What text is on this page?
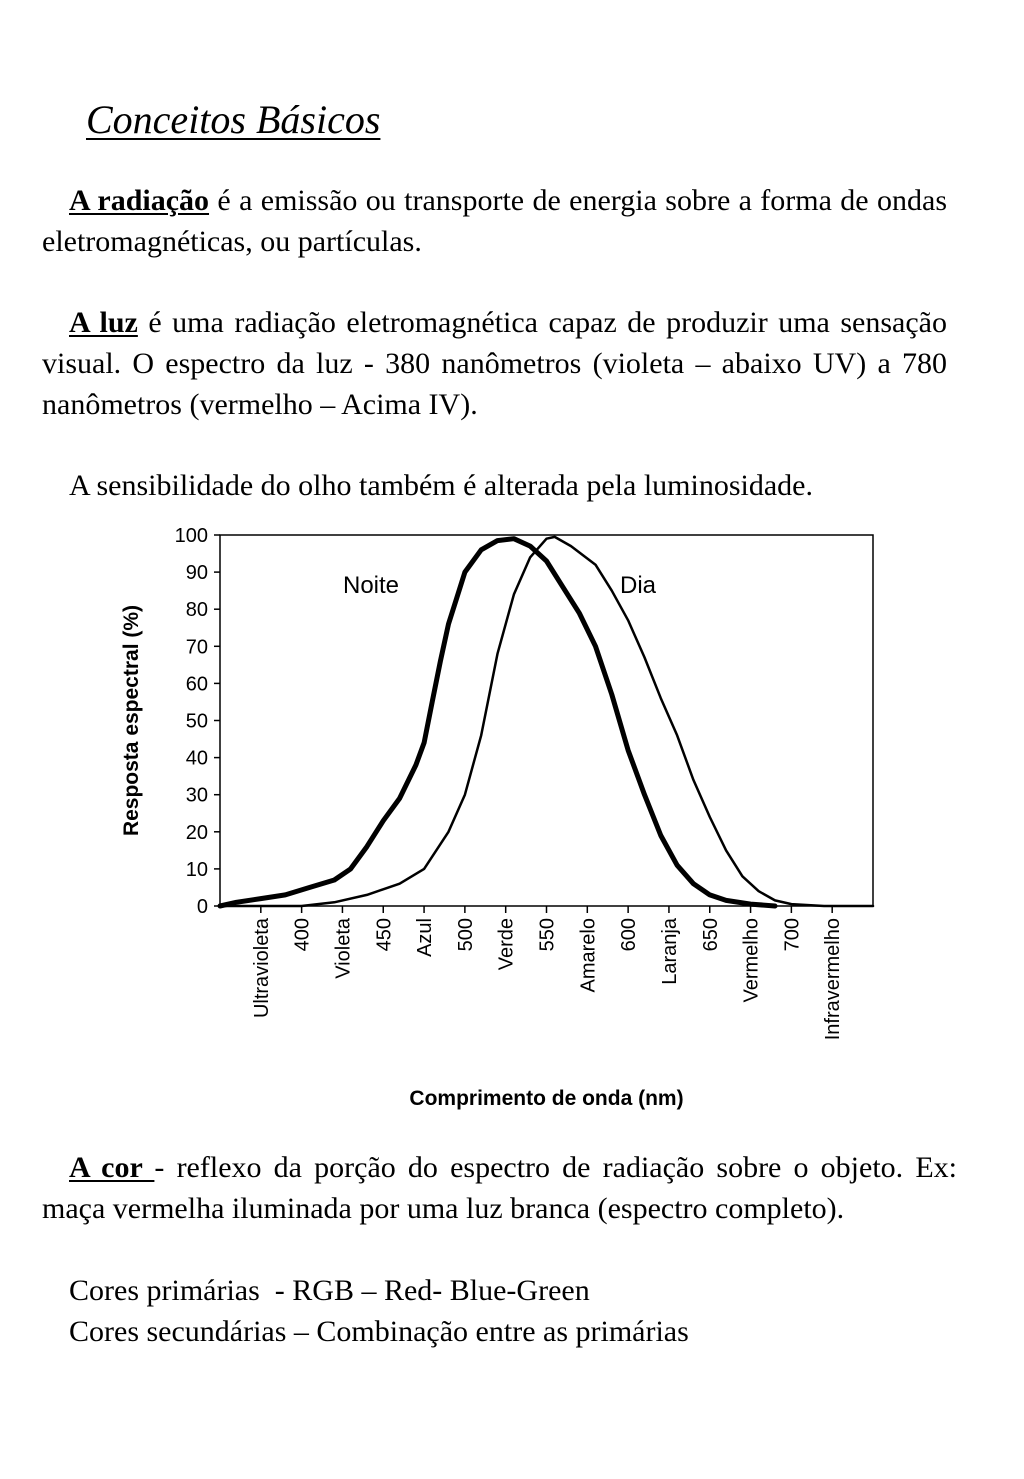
Conceitos Básicos

A radiação é a emissão ou transporte de energia sobre a forma de ondas eletromagnéticas, ou partículas.

A luz é uma radiação eletromagnética capaz de produzir uma sensação visual. O espectro da luz - 380 nanômetros (violeta – abaixo UV) a 780 nanômetros (vermelho – Acima IV).

A sensibilidade do olho também é alterada pela luminosidade.

0
10
20
30
40
50
60
70
80
90
100
Ultravioleta 400 Violeta 450 Azul 500 Verde 550 Amarelo 600 Laranja 650 Vermelho 700 Infravermelho
Comprimento de onda (nm)
Resposta espectral (%)
Noite	Dia

A cor - reflexo da porção do espectro de radiação sobre o objeto. Ex: maça vermelha iluminada por uma luz branca (espectro completo).

Cores primárias  - RGB – Red- Blue-Green

Cores secundárias – Combinação entre as primárias
